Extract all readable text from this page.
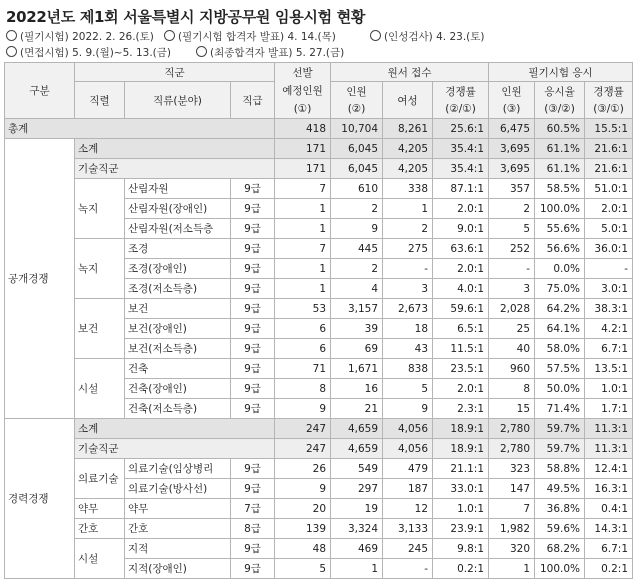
2022년도 제1회 서울특별시 지방공무원 임용시험 현황
(필기시험) 2022. 2. 26.(토)	(필기시험 합격자 발표) 4. 14.(목)	(인성검사) 4. 23.(토)
(면접시험) 5. 9.(월)~5. 13.(금)	(최종합격자 발표) 5. 27.(금)
구분	직군			선발	원서 접수			필기시험 응시		
	직렬	직류(분야)	직급	예정인원	인원	여성	경쟁률	인원	응시율	경쟁률
				(①)	(②)		(②/①)	(③)	(③/②)	(③/①)
총계				418	10,704	8,261	25.6:1	6,475	60.5%	15.5:1
공개경쟁	소계			171	6,045	4,205	35.4:1	3,695	61.1%	21.6:1
	기술직군			171	6,045	4,205	35.4:1	3,695	61.1%	21.6:1
	녹지	산림자원	9급	7	610	338	87.1:1	357	58.5%	51.0:1
		산림자원(장애인)	9급	1	2	1	2.0:1	2	100.0%	2.0:1
		산림자원(저소득층	9급	1	9	2	9.0:1	5	55.6%	5.0:1
	녹지	조경	9급	7	445	275	63.6:1	252	56.6%	36.0:1
		조경(장애인)	9급	1	2	-	2.0:1	-	0.0%	-
		조경(저소득층)	9급	1	4	3	4.0:1	3	75.0%	3.0:1
	보건	보건	9급	53	3,157	2,673	59.6:1	2,028	64.2%	38.3:1
		보건(장애인)	9급	6	39	18	6.5:1	25	64.1%	4.2:1
		보건(저소득층)	9급	6	69	43	11.5:1	40	58.0%	6.7:1
	시설	건축	9급	71	1,671	838	23.5:1	960	57.5%	13.5:1
		건축(장애인)	9급	8	16	5	2.0:1	8	50.0%	1.0:1
		건축(저소득층)	9급	9	21	9	2.3:1	15	71.4%	1.7:1
경력경쟁	소계			247	4,659	4,056	18.9:1	2,780	59.7%	11.3:1
	기술직군			247	4,659	4,056	18.9:1	2,780	59.7%	11.3:1
	의료기술	의료기술(임상병리	9급	26	549	479	21.1:1	323	58.8%	12.4:1
		의료기술(방사선)	9급	9	297	187	33.0:1	147	49.5%	16.3:1
	약무	약무	7급	20	19	12	1.0:1	7	36.8%	0.4:1
	간호	간호	8급	139	3,324	3,133	23.9:1	1,982	59.6%	14.3:1
	시설	지적	9급	48	469	245	9.8:1	320	68.2%	6.7:1
		지적(장애인)	9급	5	1	-	0.2:1	1	100.0%	0.2:1
